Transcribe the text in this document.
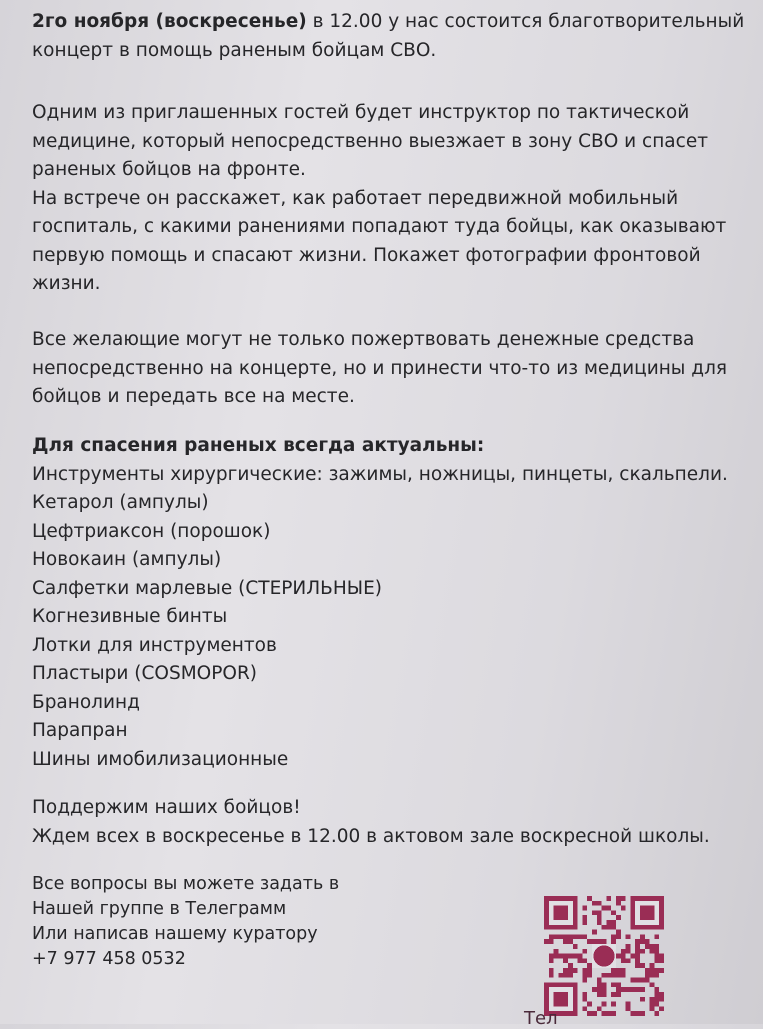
2го ноября (воскресенье) в 12.00 у нас состоится благотворительный

концерт в помощь раненым бойцам СВО.

Одним из приглашенных гостей будет инструктор по тактической

медицине, который непосредственно выезжает в зону СВО и спасет

раненых бойцов на фронте.

На встрече он расскажет, как работает передвижной мобильный

госпиталь, с какими ранениями попадают туда бойцы, как оказывают

первую помощь и спасают жизни. Покажет фотографии фронтовой

жизни.

Все желающие могут не только пожертвовать денежные средства

непосредственно на концерте, но и принести что-то из медицины для

бойцов и передать все на месте.

Для спасения раненых всегда актуальны:

Инструменты хирургические: зажимы, ножницы, пинцеты, скальпели.

Кетарол (ампулы)

Цефтриаксон (порошок)

Новокаин (ампулы)

Салфетки марлевые (СТЕРИЛЬНЫЕ)

Когнезивные бинты

Лотки для инструментов

Пластыри (COSMOPOR)

Бранолинд

Парапран

Шины имобилизационные

Поддержим наших бойцов!

Ждем всех в воскресенье в 12.00 в актовом зале воскресной школы.

Все вопросы вы можете задать в

Нашей группе в Телеграмм

Или написав нашему куратору

+7 977 458 0532

Тел
